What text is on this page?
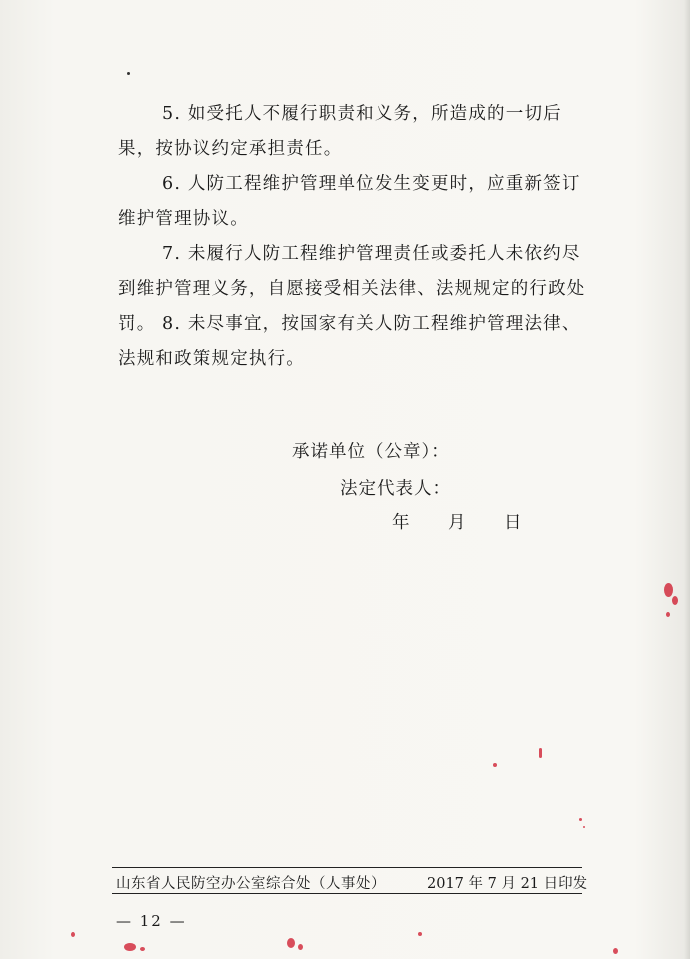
5. 如受托人不履行职责和义务，所造成的一切后果，按协议约定承担责任。

6. 人防工程维护管理单位发生变更时，应重新签订维护管理协议。

7. 未履行人防工程维护管理责任或委托人未依约尽到维护管理义务，自愿接受相关法律、法规规定的行政处罚。 8. 未尽事宜，按国家有关人防工程维护管理法律、法规和政策规定执行。

承诺单位（公章）：
法定代表人：
年 月 日
山东省人民防空办公室综合处（人事处）	2017 年 7 月 21 日印发
— 12 —
